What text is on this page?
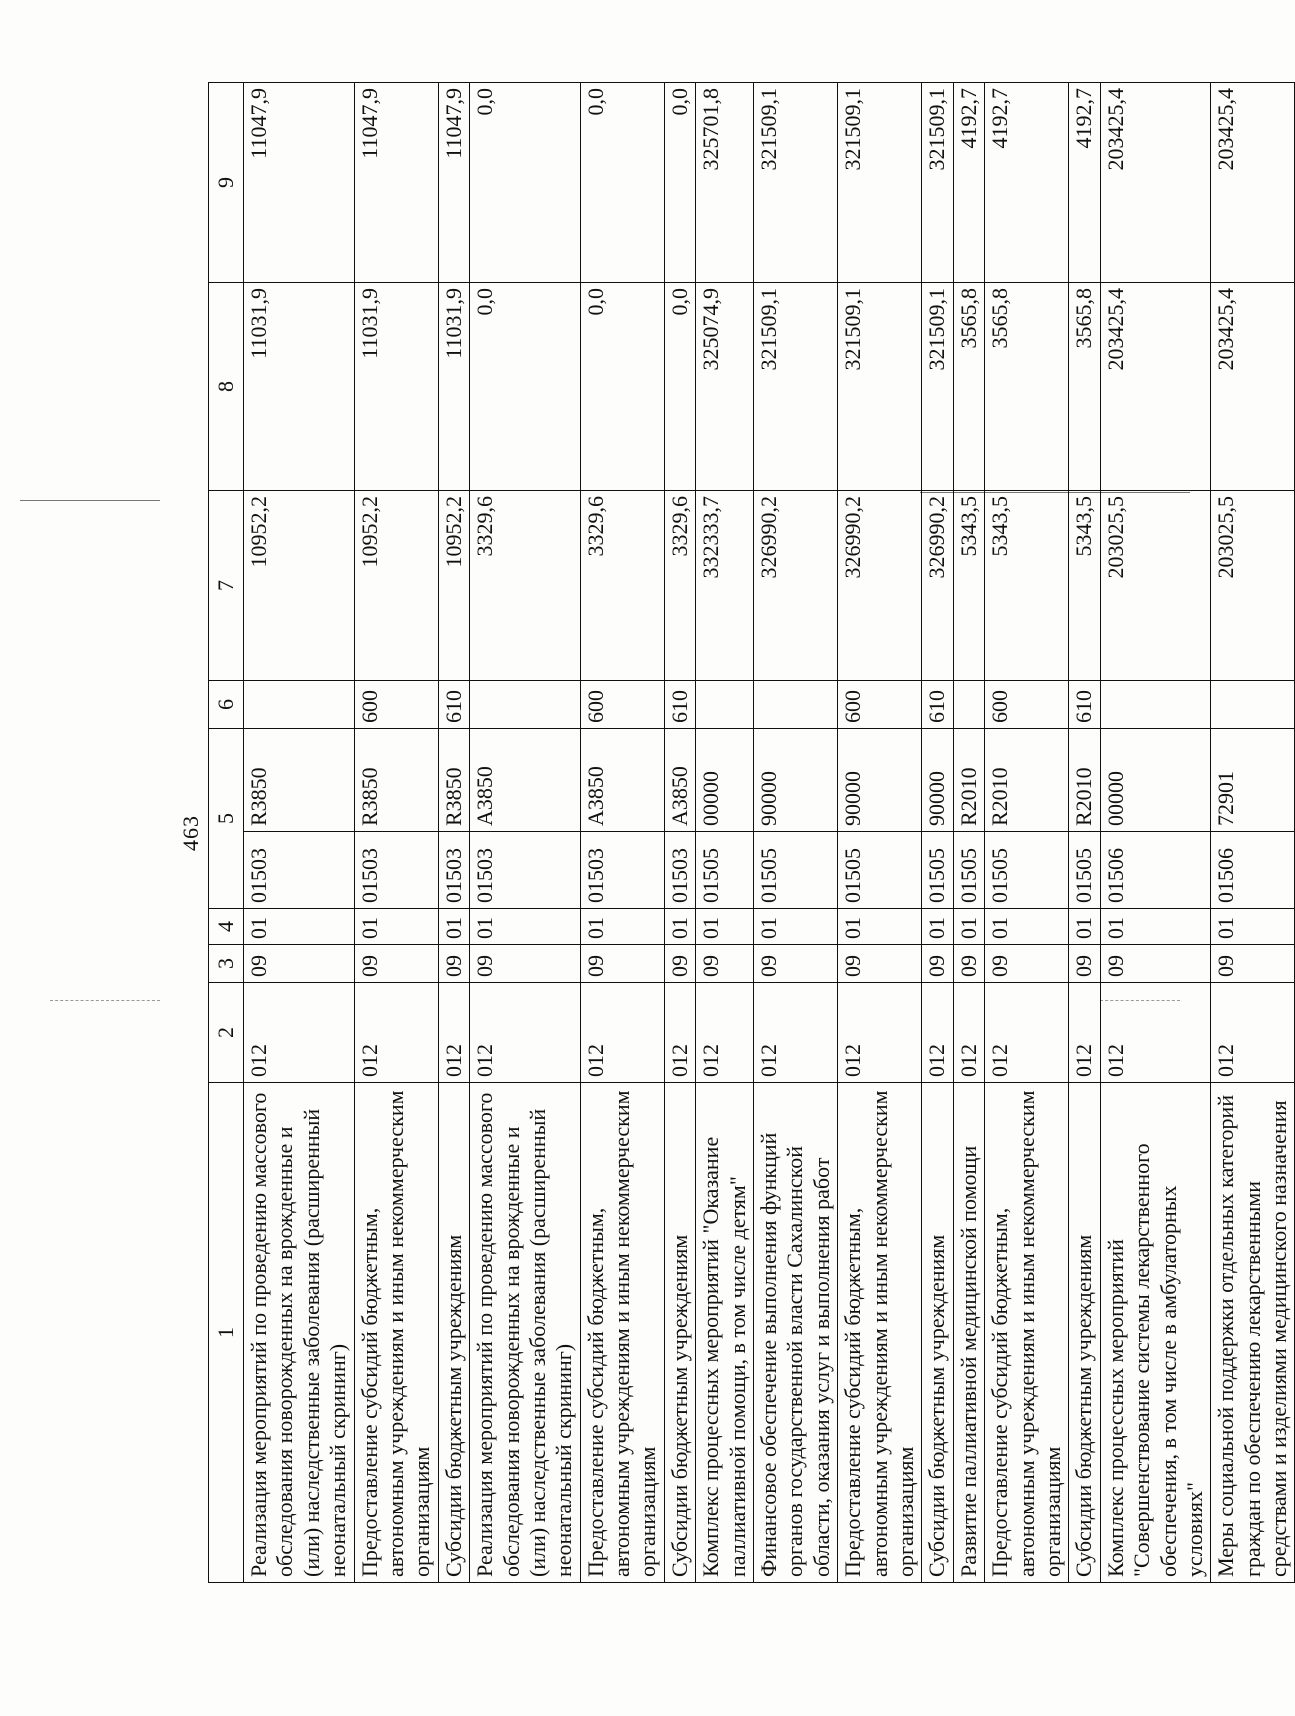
463
1	2	3	4	5		6	7	8	9
Реализация мероприятий по проведению массового обследования новорожденных на врожденные и (или) наследственные заболевания (расширенный неонатальный скрининг)	012	09	01	01503	R3850		10952,2	11031,9	11047,9
Предоставление субсидий бюджетным, автономным учреждениям и иным некоммерческим организациям	012	09	01	01503	R3850	600	10952,2	11031,9	11047,9
Субсидии бюджетным учреждениям	012	09	01	01503	R3850	610	10952,2	11031,9	11047,9
Реализация мероприятий по проведению массового обследования новорожденных на врожденные и (или) наследственные заболевания (расширенный неонатальный скрининг)	012	09	01	01503	A3850		3329,6	0,0	0,0
Предоставление субсидий бюджетным, автономным учреждениям и иным некоммерческим организациям	012	09	01	01503	A3850	600	3329,6	0,0	0,0
Субсидии бюджетным учреждениям	012	09	01	01503	A3850	610	3329,6	0,0	0,0
Комплекс процессных мероприятий "Оказание паллиативной помощи, в том числе детям"	012	09	01	01505	00000		332333,7	325074,9	325701,8
Финансовое обеспечение выполнения функций органов государственной власти Сахалинской области, оказания услуг и выполнения работ	012	09	01	01505	90000		326990,2	321509,1	321509,1
Предоставление субсидий бюджетным, автономным учреждениям и иным некоммерческим организациям	012	09	01	01505	90000	600	326990,2	321509,1	321509,1
Субсидии бюджетным учреждениям	012	09	01	01505	90000	610	326990,2	321509,1	321509,1
Развитие паллиативной медицинской помощи	012	09	01	01505	R2010		5343,5	3565,8	4192,7
Предоставление субсидий бюджетным, автономным учреждениям и иным некоммерческим организациям	012	09	01	01505	R2010	600	5343,5	3565,8	4192,7
Субсидии бюджетным учреждениям	012	09	01	01505	R2010	610	5343,5	3565,8	4192,7
Комплекс процессных мероприятий "Совершенствование системы лекарственного обеспечения, в том числе в амбулаторных условиях"	012	09	01	01506	00000		203025,5	203425,4	203425,4
Меры социальной поддержки отдельных категорий граждан по обеспечению лекарственными средствами и изделиями медицинского назначения	012	09	01	01506	72901		203025,5	203425,4	203425,4
